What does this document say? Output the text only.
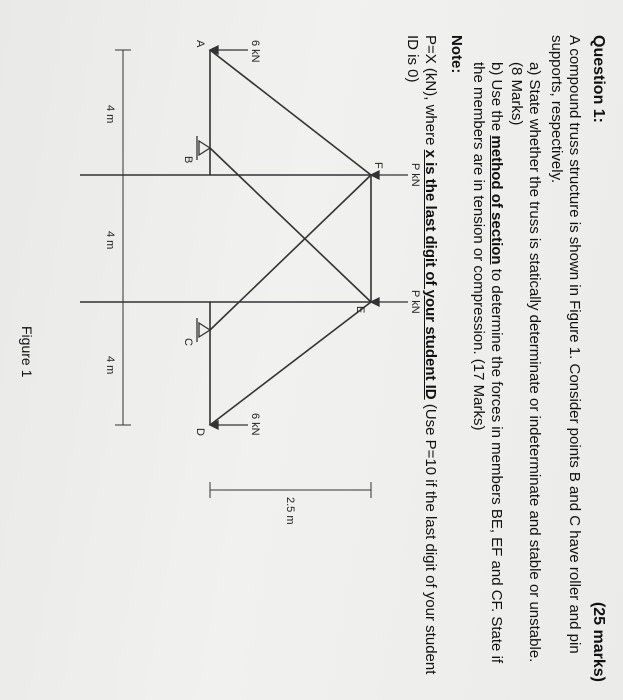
Question 1:
(25 marks)
A compound truss structure is shown in Figure 1. Consider points B and C have roller and pin supports, respectively.
a) State whether the truss is statically determinate or indeterminate and stable or unstable. (8 Marks)
b) Use the method of section to determine the forces in members BE, EF and CF. State if the members are in tension or compression. (17 Marks)
Note:
P=X (kN), where x is the last digit of your student ID (Use P=10 if the last digit of your student ID is 0)
P kN
P kN
6 kN
6 kN
A
B
C
D
E
F
4 m
4 m
4 m
2.5 m
Figure 1
